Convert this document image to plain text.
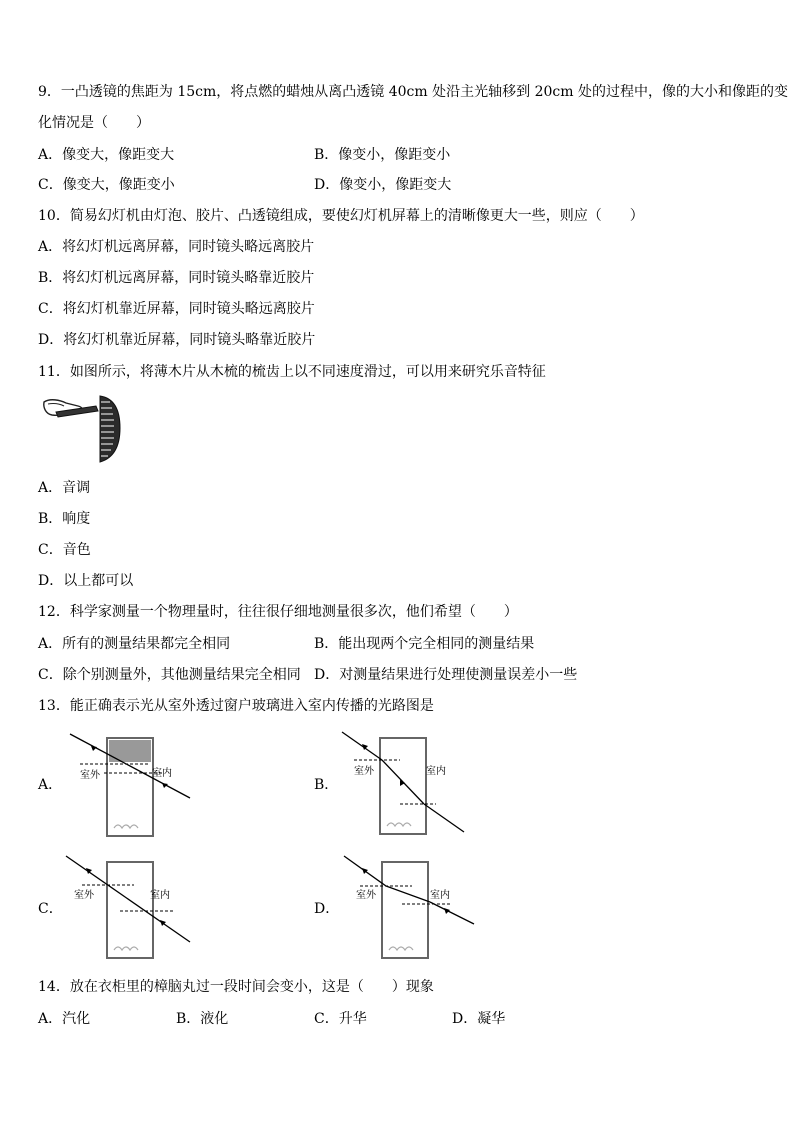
9．一凸透镜的焦距为 15cm，将点燃的蜡烛从离凸透镜 40cm 处沿主光轴移到 20cm 处的过程中，像的大小和像距的变
化情况是（　　）
A．像变大，像距变大	B．像变小，像距变小
C．像变大，像距变小	D．像变小，像距变大
10．简易幻灯机由灯泡、胶片、凸透镜组成，要使幻灯机屏幕上的清晰像更大一些，则应（　　）
A．将幻灯机远离屏幕，同时镜头略远离胶片
B．将幻灯机远离屏幕，同时镜头略靠近胶片
C．将幻灯机靠近屏幕，同时镜头略远离胶片
D．将幻灯机靠近屏幕，同时镜头略靠近胶片
11．如图所示，将薄木片从木梳的梳齿上以不同速度滑过，可以用来研究乐音特征
A．音调
B．响度
C．音色
D．以上都可以
12．科学家测量一个物理量时，往往很仔细地测量很多次，他们希望（　　）
A．所有的测量结果都完全相同	B．能出现两个完全相同的测量结果
C．除个别测量外，其他测量结果完全相同 D．对测量结果进行处理使测量误差小一些
13．能正确表示光从室外透过窗户玻璃进入室内传播的光路图是
A．
室外	室内
B．
室外	室内
C．
室外	室内
D．
室外	室内
14．放在衣柜里的樟脑丸过一段时间会变小，这是（　　）现象
A．汽化	B．液化	C．升华	D．凝华
